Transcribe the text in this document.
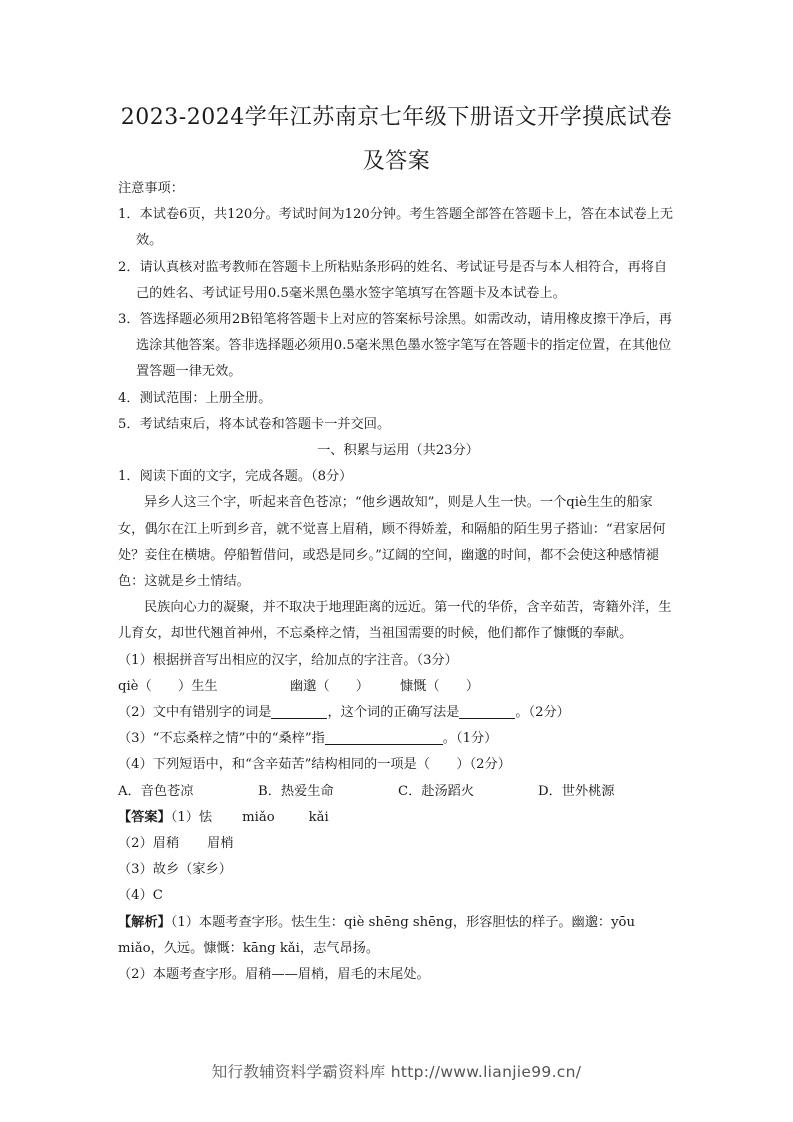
2023-2024学年江苏南京七年级下册语文开学摸底试卷及答案

注意事项：

1．本试卷6页，共120分。考试时间为120分钟。考生答题全部答在答题卡上，答在本试卷上无效。

2．请认真核对监考教师在答题卡上所粘贴条形码的姓名、考试证号是否与本人相符合，再将自己的姓名、考试证号用0.5毫米黑色墨水签字笔填写在答题卡及本试卷上。

3．答选择题必须用2B铅笔将答题卡上对应的答案标号涂黑。如需改动，请用橡皮擦干净后，再选涂其他答案。答非选择题必须用0.5毫米黑色墨水签字笔写在答题卡的指定位置，在其他位置答题一律无效。

4．测试范围：上册全册。

5．考试结束后，将本试卷和答题卡一并交回。

一、积累与运用（共23分）

1．阅读下面的文字，完成各题。（8分）

异乡人这三个字，听起来音色苍凉；“他乡遇故知”，则是人生一快。一个qiè生生的船家女，偶尔在江上听到乡音，就不觉喜上眉稍，顾不得娇羞，和隔船的陌生男子搭讪：“君家居何处？妾住在横塘。停船暂借问，或恐是同乡。”辽阔的空间，幽邈的时间，都不会使这种感情褪色：这就是乡土情结。

民族向心力的凝聚，并不取决于地理距离的远近。第一代的华侨，含辛茹苦，寄籍外洋，生儿育女，却世代翘首神州，不忘桑梓之情，当祖国需要的时候，他们都作了慷慨的奉献。

（1）根据拼音写出相应的汉字，给加点的字注音。（3分）

qiè（　　）生生	幽邈（　　） 慷慨（　　）

（2）文中有错别字的词是	，这个词的正确写法是	。（2分）

（3）“不忘桑梓之情”中的“桑梓”指	。（1分）

（4）下列短语中，和“含辛茹苦”结构相同的一项是（　　）（2分）

A．音色苍凉	B．热爱生命	C．赴汤蹈火	D．世外桃源

【答案】（1）怯 miǎo	kǎi

（2）眉稍 眉梢

（3）故乡（家乡）

（4）C

【解析】（1）本题考查字形。怯生生：qiè shēng shēng，形容胆怯的样子。幽邈：yōu miǎo，久远。慷慨：kāng kǎi，志气昂扬。

（2）本题考查字形。眉稍——眉梢，眉毛的末尾处。

知行教辅资料学霸资料库 http://www.lianjie99.cn/
